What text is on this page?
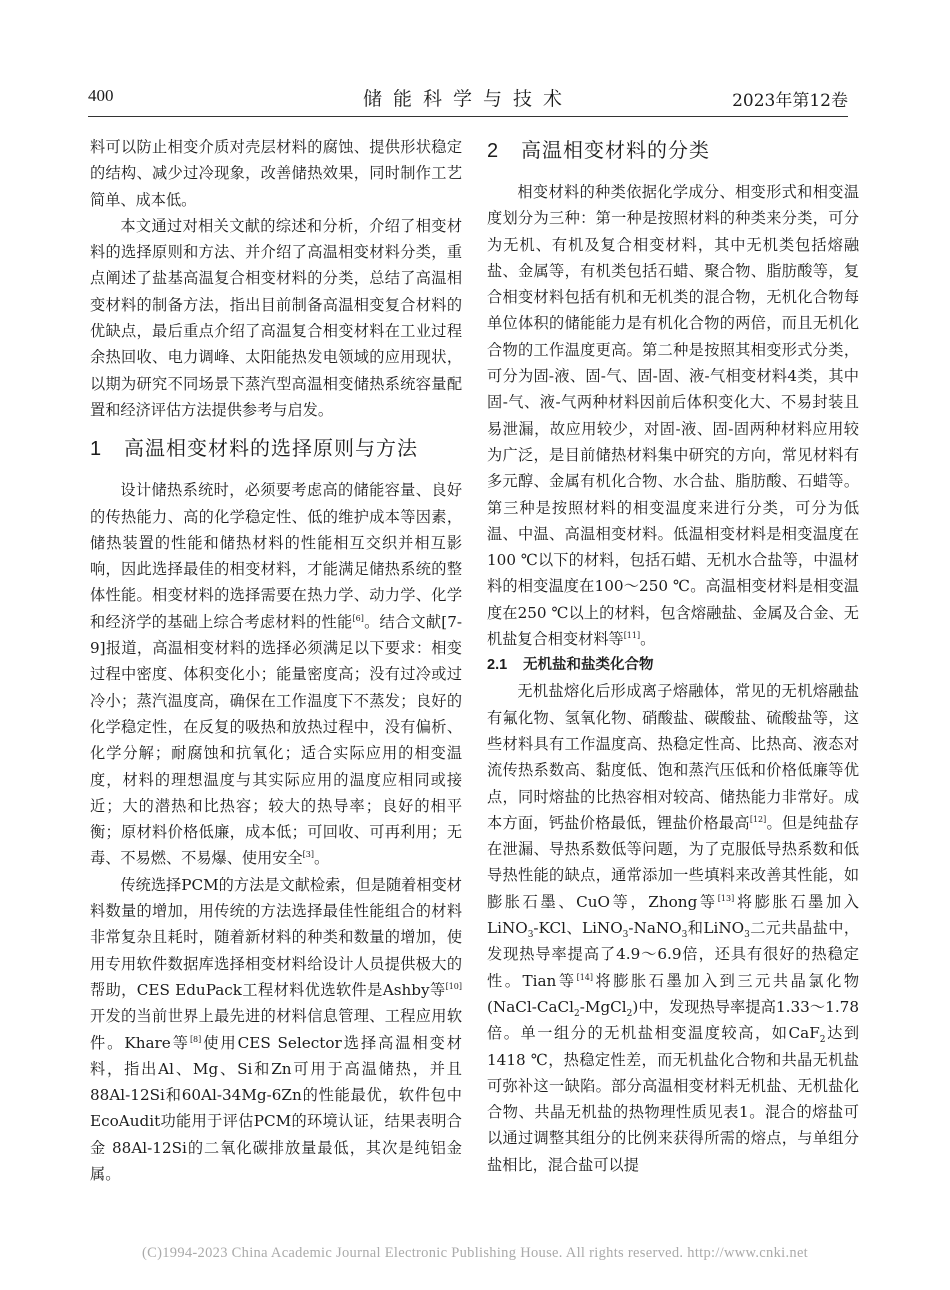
400	储能科学与技术	2023年第12卷

料可以防止相变介质对壳层材料的腐蚀、提供形状稳定的结构、减少过冷现象，改善储热效果，同时制作工艺简单、成本低。

本文通过对相关文献的综述和分析，介绍了相变材料的选择原则和方法、并介绍了高温相变材料分类，重点阐述了盐基高温复合相变材料的分类，总结了高温相变材料的制备方法，指出目前制备高温相变复合材料的优缺点，最后重点介绍了高温复合相变材料在工业过程余热回收、电力调峰、太阳能热发电领域的应用现状，以期为研究不同场景下蒸汽型高温相变储热系统容量配置和经济评估方法提供参考与启发。

1 高温相变材料的选择原则与方法

设计储热系统时，必须要考虑高的储能容量、良好的传热能力、高的化学稳定性、低的维护成本等因素，储热装置的性能和储热材料的性能相互交织并相互影响，因此选择最佳的相变材料，才能满足储热系统的整体性能。相变材料的选择需要在热力学、动力学、化学和经济学的基础上综合考虑材料的性能[6]。结合文献[7-9]报道，高温相变材料的选择必须满足以下要求：相变过程中密度、体积变化小；能量密度高；没有过冷或过冷小；蒸汽温度高，确保在工作温度下不蒸发；良好的化学稳定性，在反复的吸热和放热过程中，没有偏析、化学分解；耐腐蚀和抗氧化；适合实际应用的相变温度，材料的理想温度与其实际应用的温度应相同或接近；大的潜热和比热容；较大的热导率；良好的相平衡；原材料价格低廉，成本低；可回收、可再利用；无毒、不易燃、不易爆、使用安全[3]。

传统选择PCM的方法是文献检索，但是随着相变材料数量的增加，用传统的方法选择最佳性能组合的材料非常复杂且耗时，随着新材料的种类和数量的增加，使用专用软件数据库选择相变材料给设计人员提供极大的帮助，CES EduPack工程材料优选软件是Ashby等[10]开发的当前世界上最先进的材料信息管理、工程应用软件。Khare等[8]使用CES Selector选择高温相变材料，指出Al、Mg、Si和Zn可用于高温储热，并且88Al-12Si和60Al-34Mg-6Zn的性能最优，软件包中EcoAudit功能用于评估PCM的环境认证，结果表明合金 88Al-12Si的二氧化碳排放量最低，其次是纯铝金属。

2 高温相变材料的分类

相变材料的种类依据化学成分、相变形式和相变温度划分为三种：第一种是按照材料的种类来分类，可分为无机、有机及复合相变材料，其中无机类包括熔融盐、金属等，有机类包括石蜡、聚合物、脂肪酸等，复合相变材料包括有机和无机类的混合物，无机化合物每单位体积的储能能力是有机化合物的两倍，而且无机化合物的工作温度更高。第二种是按照其相变形式分类，可分为固-液、固-气、固-固、液-气相变材料4类，其中固-气、液-气两种材料因前后体积变化大、不易封装且易泄漏，故应用较少，对固-液、固-固两种材料应用较为广泛，是目前储热材料集中研究的方向，常见材料有多元醇、金属有机化合物、水合盐、脂肪酸、石蜡等。第三种是按照材料的相变温度来进行分类，可分为低温、中温、高温相变材料。低温相变材料是相变温度在100 ℃以下的材料，包括石蜡、无机水合盐等，中温材料的相变温度在100～250 ℃。高温相变材料是相变温度在250 ℃以上的材料，包含熔融盐、金属及合金、无机盐复合相变材料等[11]。

2.1 无机盐和盐类化合物

无机盐熔化后形成离子熔融体，常见的无机熔融盐有氟化物、氢氧化物、硝酸盐、碳酸盐、硫酸盐等，这些材料具有工作温度高、热稳定性高、比热高、液态对流传热系数高、黏度低、饱和蒸汽压低和价格低廉等优点，同时熔盐的比热容相对较高、储热能力非常好。成本方面，钙盐价格最低，锂盐价格最高[12]。但是纯盐存在泄漏、导热系数低等问题，为了克服低导热系数和低导热性能的缺点，通常添加一些填料来改善其性能，如膨胀石墨、CuO等，Zhong等[13]将膨胀石墨加入LiNO$_3$-KCl、LiNO$_3$-NaNO$_3$和LiNO$_3$二元共晶盐中，发现热导率提高了4.9～6.9倍，还具有很好的热稳定性。Tian等[14]将膨胀石墨加入到三元共晶氯化物(NaCl-CaCl$_2$-MgCl$_2$)中，发现热导率提高1.33～1.78倍。单一组分的无机盐相变温度较高，如CaF$_2$达到1418 ℃，热稳定性差，而无机盐化合物和共晶无机盐可弥补这一缺陷。部分高温相变材料无机盐、无机盐化合物、共晶无机盐的热物理性质见表1。混合的熔盐可以通过调整其组分的比例来获得所需的熔点，与单组分盐相比，混合盐可以提

(C)1994-2023 China Academic Journal Electronic Publishing House. All rights reserved. http://www.cnki.net
